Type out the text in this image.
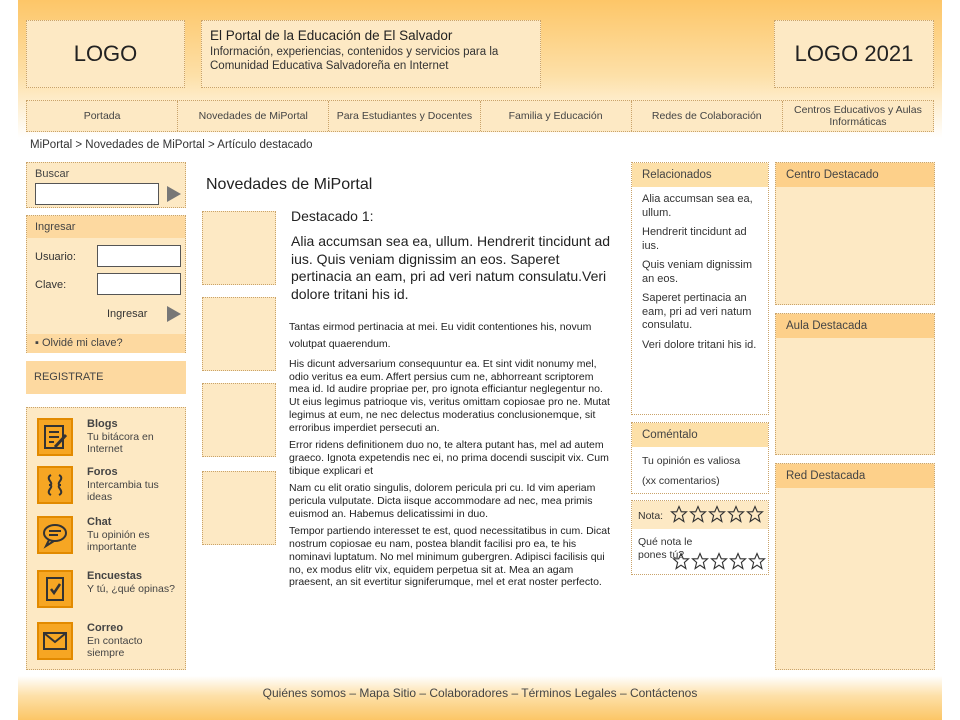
LOGO
El Portal de la Educación de El Salvador
Información, experiencias, contenidos y servicios para la Comunidad Educativa Salvadoreña en Internet	LOGO 2021
Portada	Novedades de MiPortal	Para Estudiantes y Docentes	Familia y Educación	Redes de Colaboración	Centros Educativos y Aulas Informáticas
MiPortal > Novedades de MiPortal > Artículo destacado
Buscar
Ingresar
Usuario:
Clave:
Ingresar
▪ Olvidé mi clave?
REGISTRATE
Blogs
Tu bitácora en Internet
Foros
Intercambia tus ideas
Chat
Tu opinión es importante
Encuestas
Y tú, ¿qué opinas?
Correo
En contacto siempre
Novedades de MiPortal
Destacado 1:
Alia accumsan sea ea, ullum. Hendrerit tincidunt ad ius. Quis veniam dignissim an eos. Saperet pertinacia an eam, pri ad veri natum consulatu.Veri dolore tritani his id.

Tantas eirmod pertinacia at mei. Eu vidit contentiones his, novum volutpat quaerendum.

His dicunt adversarium consequuntur ea. Et sint vidit nonumy mel, odio veritus ea eum. Affert persius cum ne, abhorreant scriptorem mea id. Id audire propriae per, pro ignota efficiantur neglegentur no. Ut eius legimus patrioque vis, veritus omittam copiosae pro ne. Mutat legimus at eum, ne nec delectus moderatius conclusionemque, sit erroribus imperdiet persecuti an.

Error ridens definitionem duo no, te altera putant has, mel ad autem graeco. Ignota expetendis nec ei, no prima docendi suscipit vix. Cum tibique explicari et

Nam cu elit oratio singulis, dolorem pericula pri cu. Id vim aperiam pericula vulputate. Dicta iisque accommodare ad nec, mea primis euismod an. Habemus delicatissimi in duo.

Tempor partiendo interesset te est, quod necessitatibus in cum. Dicat nostrum copiosae eu nam, postea blandit facilisi pro ea, te his nominavi luptatum. No mel minimum gubergren. Adipisci facilisis qui no, ex modus elitr vix, equidem perpetua sit at. Mea an agam praesent, an sit evertitur signiferumque, mel et erat noster perfecto.

Relacionados
Alia accumsan sea ea, ullum.
Hendrerit tincidunt ad ius.
Quis veniam dignissim an eos.
Saperet pertinacia an eam, pri ad veri natum consulatu.
Veri dolore tritani his id.
Coméntalo
Tu opinión es valiosa
(xx comentarios)
Nota:
Qué nota le pones tú?
Centro Destacado
Aula Destacada
Red Destacada
Quiénes somos – Mapa Sitio – Colaboradores – Términos Legales – Contáctenos
